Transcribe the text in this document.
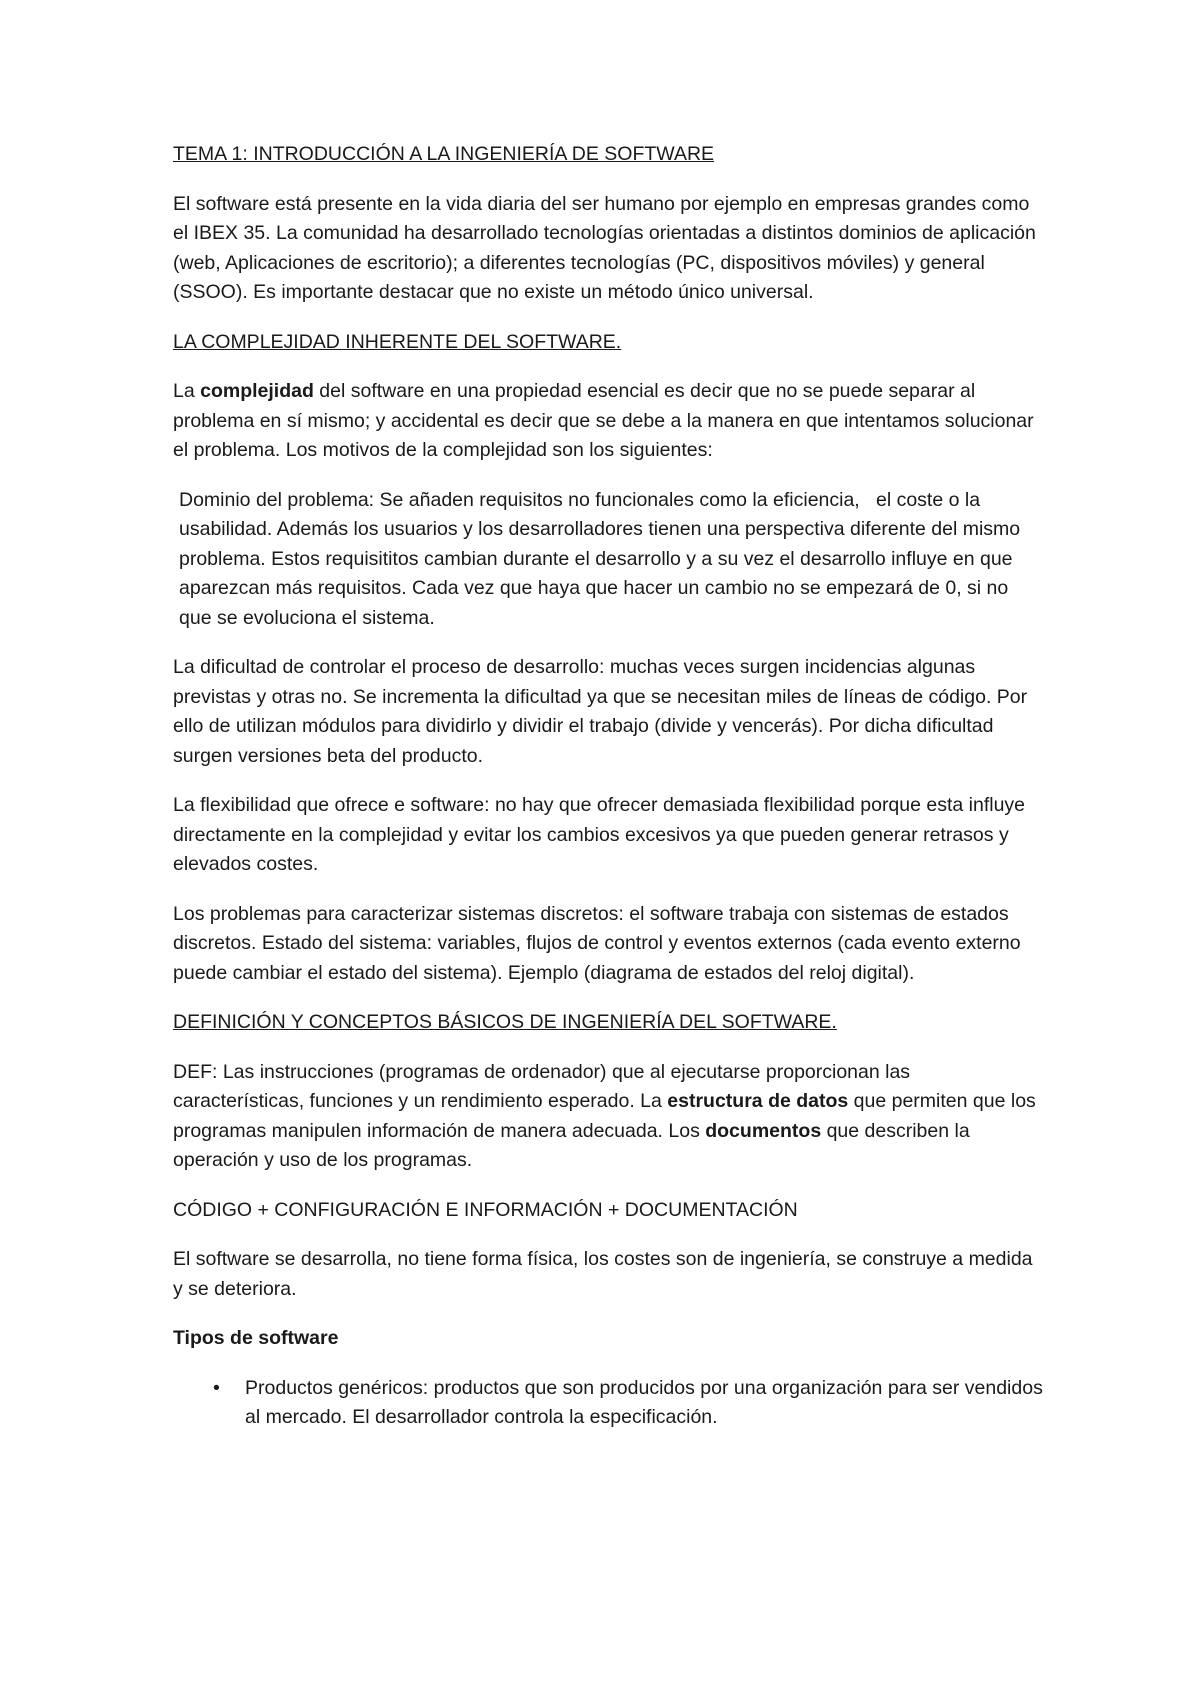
TEMA 1: INTRODUCCIÓN A LA INGENIERÍA DE SOFTWARE

El software está presente en la vida diaria del ser humano por ejemplo en empresas grandes como el IBEX 35. La comunidad ha desarrollado tecnologías orientadas a distintos dominios de aplicación (web, Aplicaciones de escritorio); a diferentes tecnologías (PC, dispositivos móviles) y general (SSOO). Es importante destacar que no existe un método único universal.

LA COMPLEJIDAD INHERENTE DEL SOFTWARE.

La complejidad del software en una propiedad esencial es decir que no se puede separar al problema en sí mismo; y accidental es decir que se debe a la manera en que intentamos solucionar el problema. Los motivos de la complejidad son los siguientes:

Dominio del problema: Se añaden requisitos no funcionales como la eficiencia,   el coste o la usabilidad. Además los usuarios y los desarrolladores tienen una perspectiva diferente del mismo problema. Estos requisititos cambian durante el desarrollo y a su vez el desarrollo influye en que aparezcan más requisitos. Cada vez que haya que hacer un cambio no se empezará de 0, si no que se evoluciona el sistema.

La dificultad de controlar el proceso de desarrollo: muchas veces surgen incidencias algunas previstas y otras no. Se incrementa la dificultad ya que se necesitan miles de líneas de código. Por ello de utilizan módulos para dividirlo y dividir el trabajo (divide y vencerás). Por dicha dificultad surgen versiones beta del producto.

La flexibilidad que ofrece e software: no hay que ofrecer demasiada flexibilidad porque esta influye directamente en la complejidad y evitar los cambios excesivos ya que pueden generar retrasos y elevados costes.

Los problemas para caracterizar sistemas discretos: el software trabaja con sistemas de estados discretos. Estado del sistema: variables, flujos de control y eventos externos (cada evento externo puede cambiar el estado del sistema). Ejemplo (diagrama de estados del reloj digital).

DEFINICIÓN Y CONCEPTOS BÁSICOS DE INGENIERÍA DEL SOFTWARE.

DEF: Las instrucciones (programas de ordenador) que al ejecutarse proporcionan las características, funciones y un rendimiento esperado. La estructura de datos que permiten que los programas manipulen información de manera adecuada. Los documentos que describen la operación y uso de los programas.

CÓDIGO + CONFIGURACIÓN E INFORMACIÓN + DOCUMENTACIÓN

El software se desarrolla, no tiene forma física, los costes son de ingeniería, se construye a medida y se deteriora.

Tipos de software

• Productos genéricos: productos que son producidos por una organización para ser vendidos al mercado. El desarrollador controla la especificación.
